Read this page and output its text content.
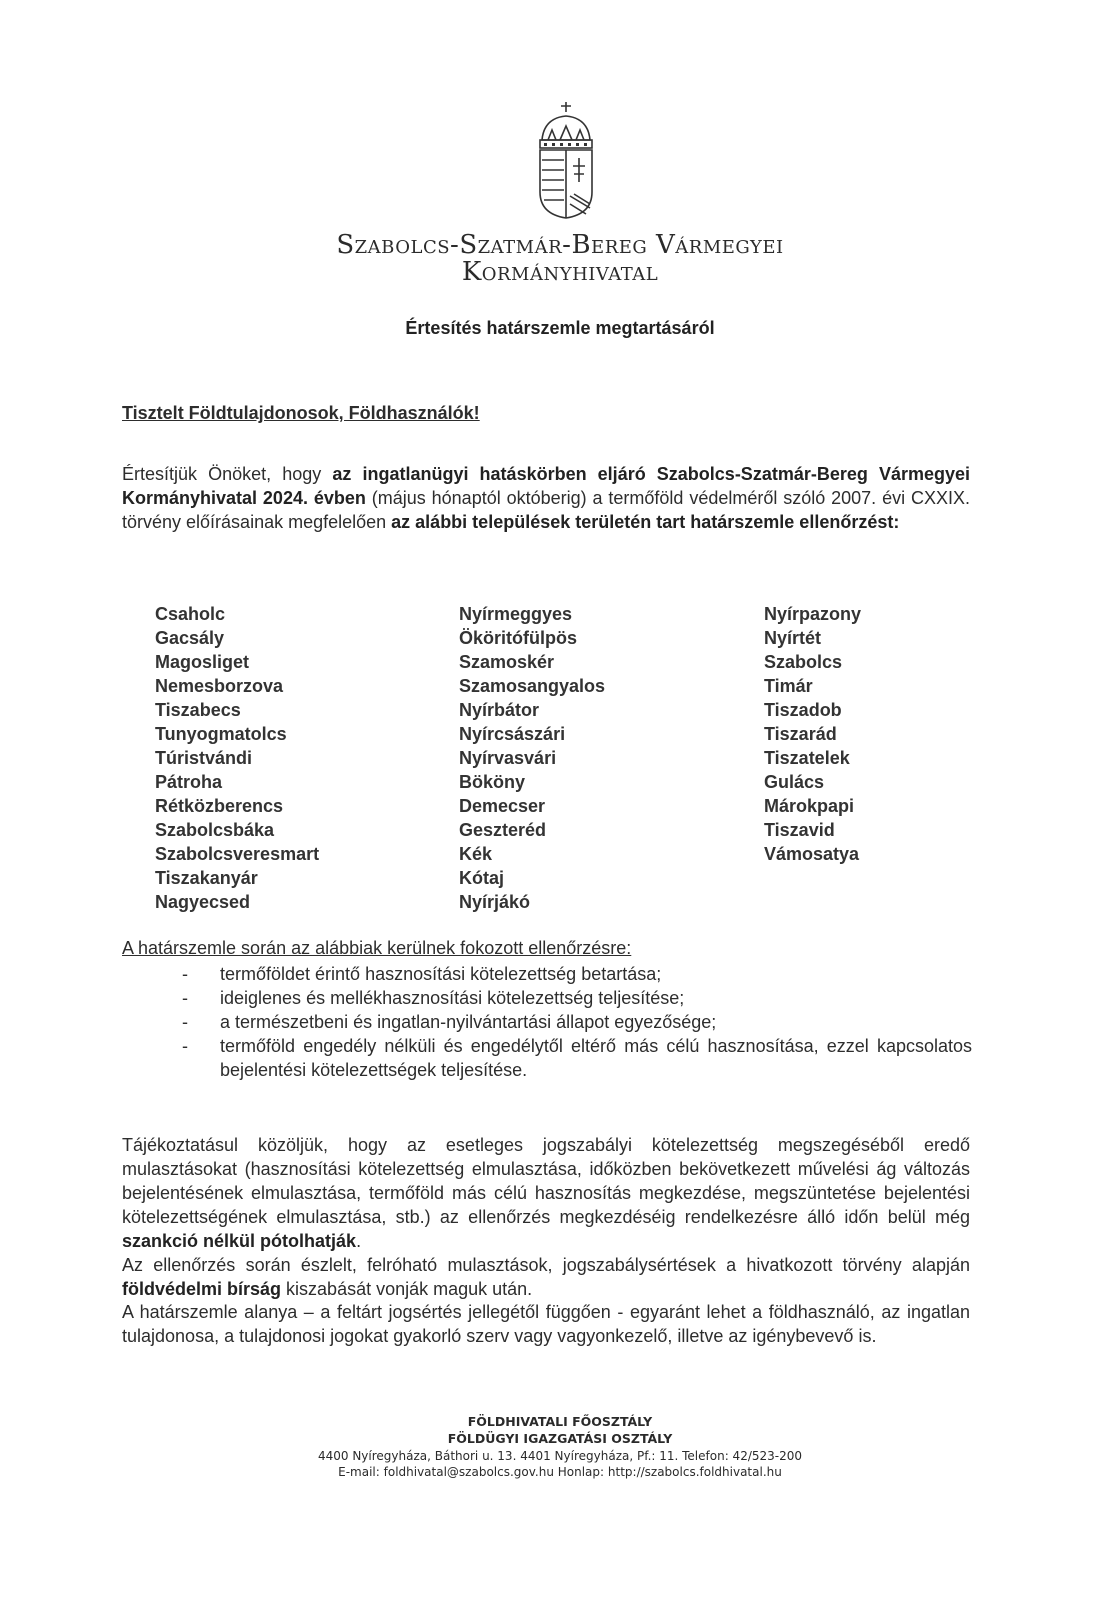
Szabolcs-Szatmár-Bereg Vármegyei
Kormányhivatal
Értesítés határszemle megtartásáról
Tisztelt Földtulajdonosok, Földhasználók!
Értesítjük Önöket, hogy az ingatlanügyi hatáskörben eljáró Szabolcs-Szatmár-Bereg Vármegyei Kormányhivatal 2024. évben (május hónaptól októberig) a termőföld védelméről szóló 2007. évi CXXIX. törvény előírásainak megfelelően az alábbi települések területén tart határszemle ellenőrzést:
Csaholc
Gacsály
Magosliget
Nemesborzova
Tiszabecs
Tunyogmatolcs
Túristvándi
Pátroha
Rétközberencs
Szabolcsbáka
Szabolcsveresmart
Tiszakanyár
Nagyecsed
Nyírmeggyes
Ököritófülpös
Szamoskér
Szamosangyalos
Nyírbátor
Nyírcsászári
Nyírvasvári
Bököny
Demecser
Geszteréd
Kék
Kótaj
Nyírjákó
Nyírpazony
Nyírtét
Szabolcs
Timár
Tiszadob
Tiszarád
Tiszatelek
Gulács
Márokpapi
Tiszavid
Vámosatya
A határszemle során az alábbiak kerülnek fokozott ellenőrzésre:
- termőföldet érintő hasznosítási kötelezettség betartása;
- ideiglenes és mellékhasznosítási kötelezettség teljesítése;
- a természetbeni és ingatlan-nyilvántartási állapot egyezősége;
- termőföld engedély nélküli és engedélytől eltérő más célú hasznosítása, ezzel kapcsolatos bejelentési kötelezettségek teljesítése.
Tájékoztatásul közöljük, hogy az esetleges jogszabályi kötelezettség megszegéséből eredő mulasztásokat (hasznosítási kötelezettség elmulasztása, időközben bekövetkezett művelési ág változás bejelentésének elmulasztása, termőföld más célú hasznosítás megkezdése, megszüntetése bejelentési kötelezettségének elmulasztása, stb.) az ellenőrzés megkezdéséig rendelkezésre álló időn belül még szankció nélkül pótolhatják.
Az ellenőrzés során észlelt, felróható mulasztások, jogszabálysértések a hivatkozott törvény alapján földvédelmi bírság kiszabását vonják maguk után.
A határszemle alanya – a feltárt jogsértés jellegétől függően - egyaránt lehet a földhasználó, az ingatlan tulajdonosa, a tulajdonosi jogokat gyakorló szerv vagy vagyonkezelő, illetve az igénybevevő is.
FÖLDHIVATALI FŐOSZTÁLY
FÖLDÜGYI IGAZGATÁSI OSZTÁLY
4400 Nyíregyháza, Báthori u. 13. 4401 Nyíregyháza, Pf.: 11. Telefon: 42/523-200
E-mail: foldhivatal@szabolcs.gov.hu Honlap: http://szabolcs.foldhivatal.hu
